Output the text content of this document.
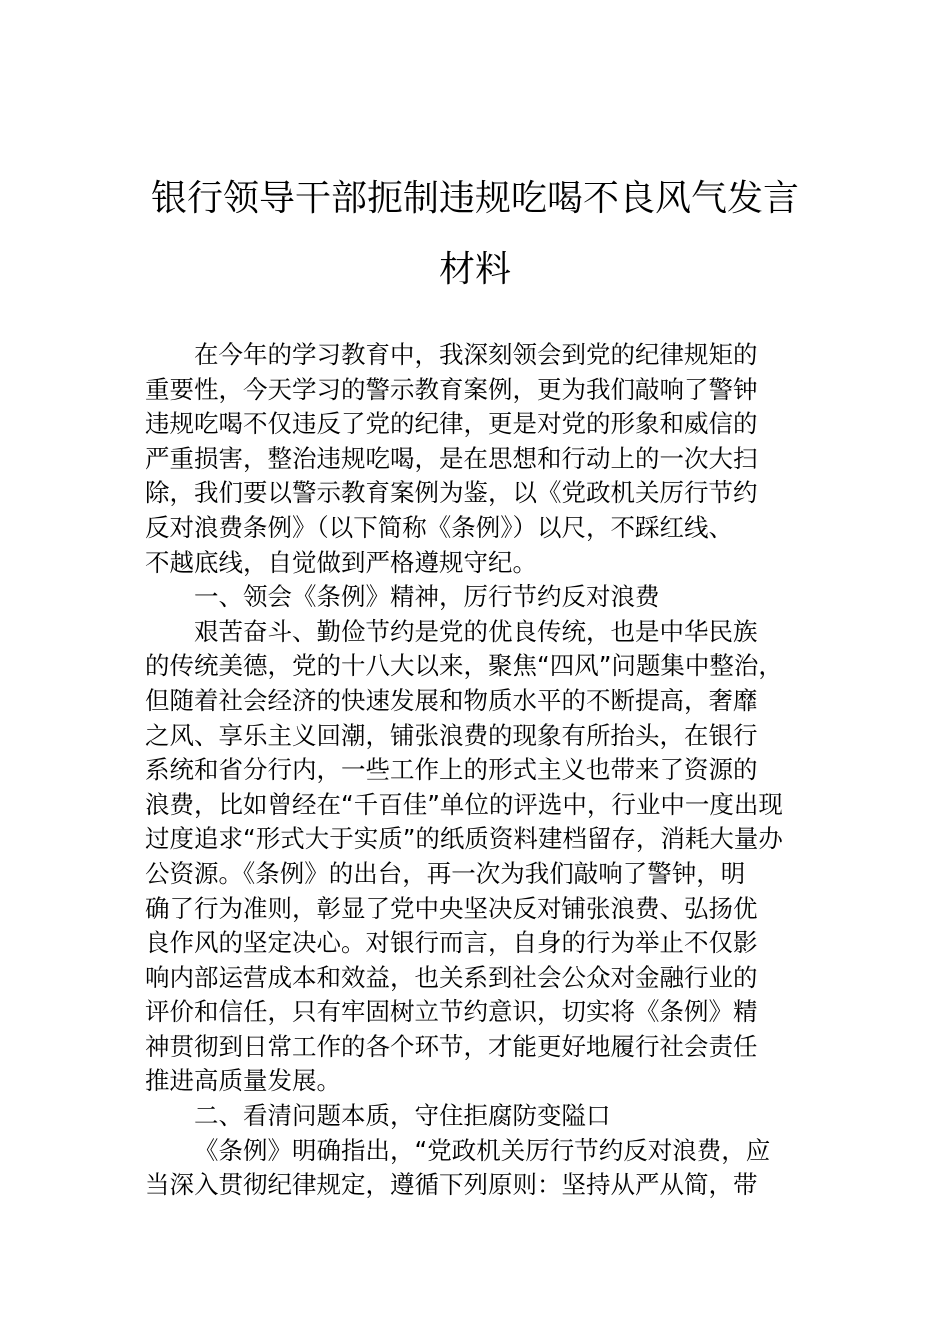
银行领导干部扼制违规吃喝不良风气发言
材料
在今年的学习教育中，我深刻领会到党的纪律规矩的
重要性，今天学习的警示教育案例，更为我们敲响了警钟
违规吃喝不仅违反了党的纪律，更是对党的形象和威信的
严重损害，整治违规吃喝，是在思想和行动上的一次大扫
除，我们要以警示教育案例为鉴，以《党政机关厉行节约
反对浪费条例》（以下简称《条例》）以尺，不踩红线、
不越底线，自觉做到严格遵规守纪。
一、领会《条例》精神，厉行节约反对浪费
艰苦奋斗、勤俭节约是党的优良传统，也是中华民族
的传统美德，党的十八大以来，聚焦“四风”问题集中整治，
但随着社会经济的快速发展和物质水平的不断提高，奢靡
之风、享乐主义回潮，铺张浪费的现象有所抬头，在银行
系统和省分行内，一些工作上的形式主义也带来了资源的
浪费，比如曾经在“千百佳”单位的评选中，行业中一度出现
过度追求“形式大于实质”的纸质资料建档留存，消耗大量办
公资源。《条例》的出台，再一次为我们敲响了警钟，明
确了行为准则，彰显了党中央坚决反对铺张浪费、弘扬优
良作风的坚定决心。对银行而言，自身的行为举止不仅影
响内部运营成本和效益，也关系到社会公众对金融行业的
评价和信任，只有牢固树立节约意识，切实将《条例》精
神贯彻到日常工作的各个环节，才能更好地履行社会责任
推进高质量发展。
二、看清问题本质，守住拒腐防变隘口
《条例》明确指出，“党政机关厉行节约反对浪费，应
当深入贯彻纪律规定，遵循下列原则：坚持从严从简，带
